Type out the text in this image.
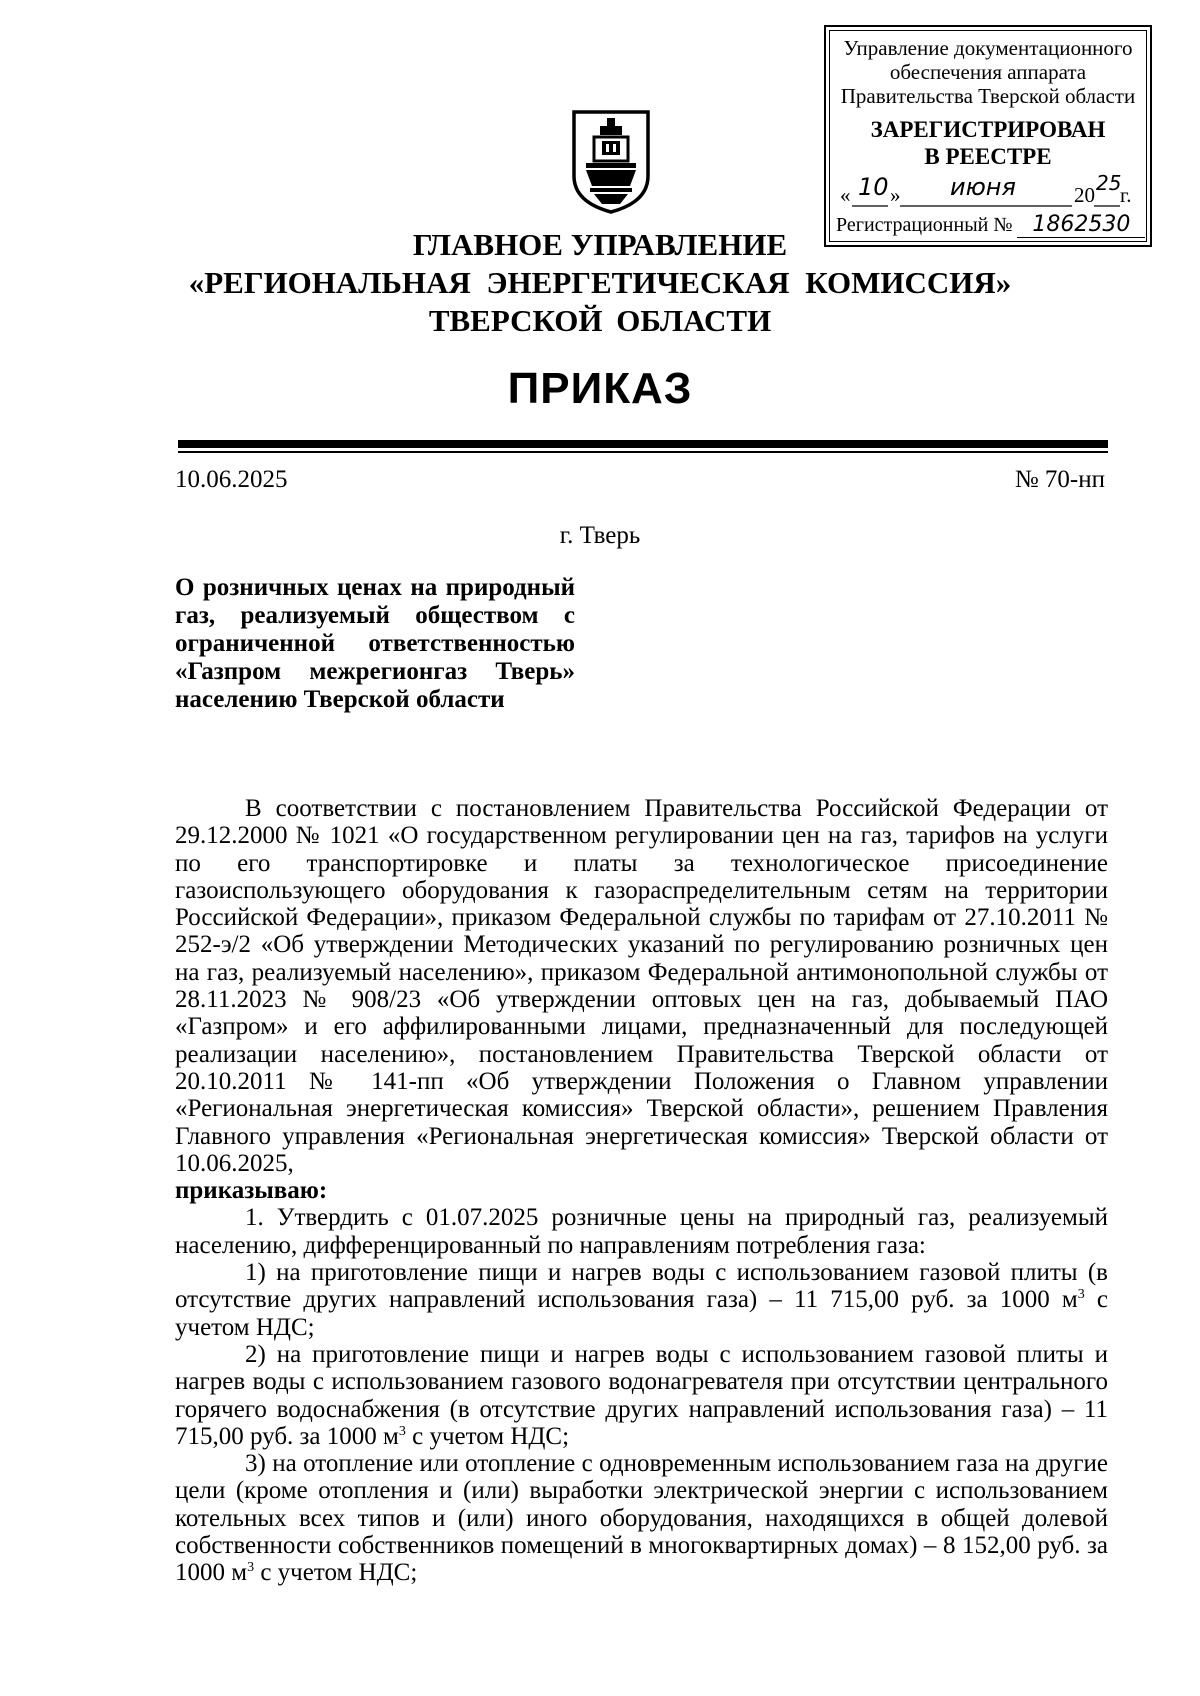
Управление документационного обеспечения аппарата Правительства Тверской области
ЗАРЕГИСТРИРОВАН
В РЕЕСТРЕ
« 10 » июня	20 25
г.
Регистрационный № 1862530
ГЛАВНОЕ УПРАВЛЕНИЕ
«РЕГИОНАЛЬНАЯ ЭНЕРГЕТИЧЕСКАЯ КОМИССИЯ»
ТВЕРСКОЙ ОБЛАСТИ
ПРИКАЗ
10.06.2025	№ 70-нп
г. Тверь
О розничных ценах на природный газ, реализуемый обществом с ограниченной ответственностью «Газпром межрегионгаз Тверь» населению Тверской области

В соответствии с постановлением Правительства Российской Федерации от 29.12.2000 № 1021 «О государственном регулировании цен на газ, тарифов на услуги по его транспортировке и платы за технологическое присоединение газоиспользующего оборудования к газораспределительным сетям на территории Российской Федерации», приказом Федеральной службы по тарифам от 27.10.2011 № 252-э/2 «Об утверждении Методических указаний по регулированию розничных цен на газ, реализуемый населению», приказом Федеральной антимонопольной службы от 28.11.2023 № 908/23 «Об утверждении оптовых цен на газ, добываемый ПАО «Газпром» и его аффилированными лицами, предназначенный для последующей реализации населению», постановлением Правительства Тверской области от 20.10.2011 № 141-пп «Об утверждении Положения о Главном управлении «Региональная энергетическая комиссия» Тверской области», решением Правления Главного управления «Региональная энергетическая комиссия» Тверской области от 10.06.2025,

приказываю:

1. Утвердить с 01.07.2025 розничные цены на природный газ, реализуемый населению, дифференцированный по направлениям потребления газа:

1) на приготовление пищи и нагрев воды с использованием газовой плиты (в отсутствие других направлений использования газа) – 11 715,00 руб. за 1000 $м^3$ с учетом НДС;

2) на приготовление пищи и нагрев воды с использованием газовой плиты и нагрев воды с использованием газового водонагревателя при отсутствии центрального горячего водоснабжения (в отсутствие других направлений использования газа) – 11 715,00 руб. за 1000 $м^3$ с учетом НДС;

3) на отопление или отопление с одновременным использованием газа на другие цели (кроме отопления и (или) выработки электрической энергии с использованием котельных всех типов и (или) иного оборудования, находящихся в общей долевой собственности собственников помещений в многоквартирных домах) – 8 152,00 руб. за 1000 $м^3$ с учетом НДС;
